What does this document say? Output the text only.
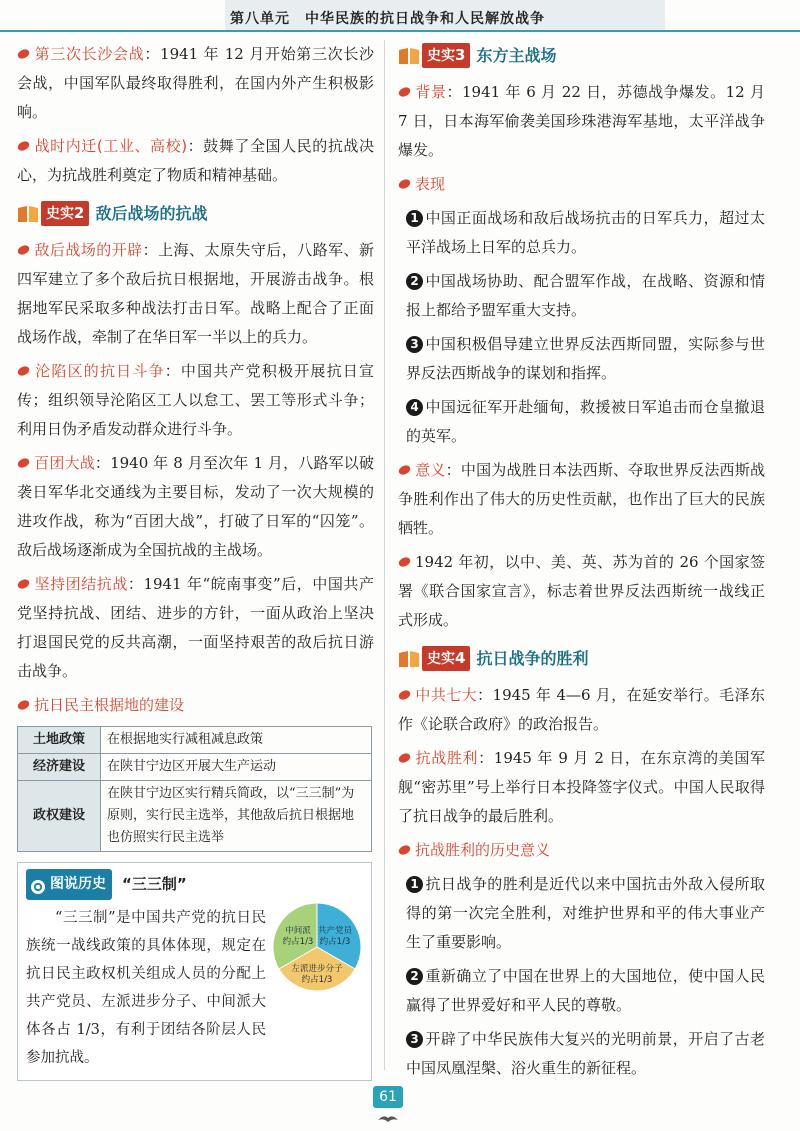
第八单元　中华民族的抗日战争和人民解放战争

第三次长沙会战：1941 年 12 月开始第三次长沙会战，中国军队最终取得胜利，在国内外产生积极影响。

战时内迁(工业、高校)：鼓舞了全国人民的抗战决心，为抗战胜利奠定了物质和精神基础。

史实2 敌后战场的抗战

敌后战场的开辟：上海、太原失守后，八路军、新四军建立了多个敌后抗日根据地，开展游击战争。根据地军民采取多种战法打击日军。战略上配合了正面战场作战，牵制了在华日军一半以上的兵力。

沦陷区的抗日斗争：中国共产党积极开展抗日宣传；组织领导沦陷区工人以怠工、罢工等形式斗争；利用日伪矛盾发动群众进行斗争。

百团大战：1940 年 8 月至次年 1 月，八路军以破袭日军华北交通线为主要目标，发动了一次大规模的进攻作战，称为“百团大战”，打破了日军的“囚笼”。敌后战场逐渐成为全国抗战的主战场。

坚持团结抗战：1941 年“皖南事变”后，中国共产党坚持抗战、团结、进步的方针，一面从政治上坚决打退国民党的反共高潮，一面坚持艰苦的敌后抗日游击战争。

抗日民主根据地的建设

土地政策	在根据地实行减租减息政策
经济建设	在陕甘宁边区开展大生产运动
政权建设	在陕甘宁边区实行精兵简政，以“三三制”为原则，实行民主选举，其他敌后抗日根据地也仿照实行民主选举
图说历史 “三三制”
“三三制”是中国共产党的抗日民族统一战线政策的具体体现，规定在抗日民主政权机关组成人员的分配上共产党员、左派进步分子、中间派大体各占 1/3，有利于团结各阶层人民参加抗战。
共产党员
约占1/3
左派进步分子
约占1/3
中间派
约占1/3
史实3 东方主战场

背景：1941 年 6 月 22 日，苏德战争爆发。12 月 7 日，日本海军偷袭美国珍珠港海军基地，太平洋战争爆发。

表现

1 中国正面战场和敌后战场抗击的日军兵力，超过太平洋战场上日军的总兵力。

2 中国战场协助、配合盟军作战，在战略、资源和情报上都给予盟军重大支持。

3 中国积极倡导建立世界反法西斯同盟，实际参与世界反法西斯战争的谋划和指挥。

4 中国远征军开赴缅甸，救援被日军追击而仓皇撤退的英军。

意义：中国为战胜日本法西斯、夺取世界反法西斯战争胜利作出了伟大的历史性贡献，也作出了巨大的民族牺牲。

1942 年初，以中、美、英、苏为首的 26 个国家签署《联合国家宣言》，标志着世界反法西斯统一战线正式形成。

史实4 抗日战争的胜利

中共七大：1945 年 4—6 月，在延安举行。毛泽东作《论联合政府》的政治报告。

抗战胜利：1945 年 9 月 2 日，在东京湾的美国军舰“密苏里”号上举行日本投降签字仪式。中国人民取得了抗日战争的最后胜利。

抗战胜利的历史意义

1 抗日战争的胜利是近代以来中国抗击外敌入侵所取得的第一次完全胜利，对维护世界和平的伟大事业产生了重要影响。

2 重新确立了中国在世界上的大国地位，使中国人民赢得了世界爱好和平人民的尊敬。

3 开辟了中华民族伟大复兴的光明前景，开启了古老中国凤凰涅槃、浴火重生的新征程。

61
